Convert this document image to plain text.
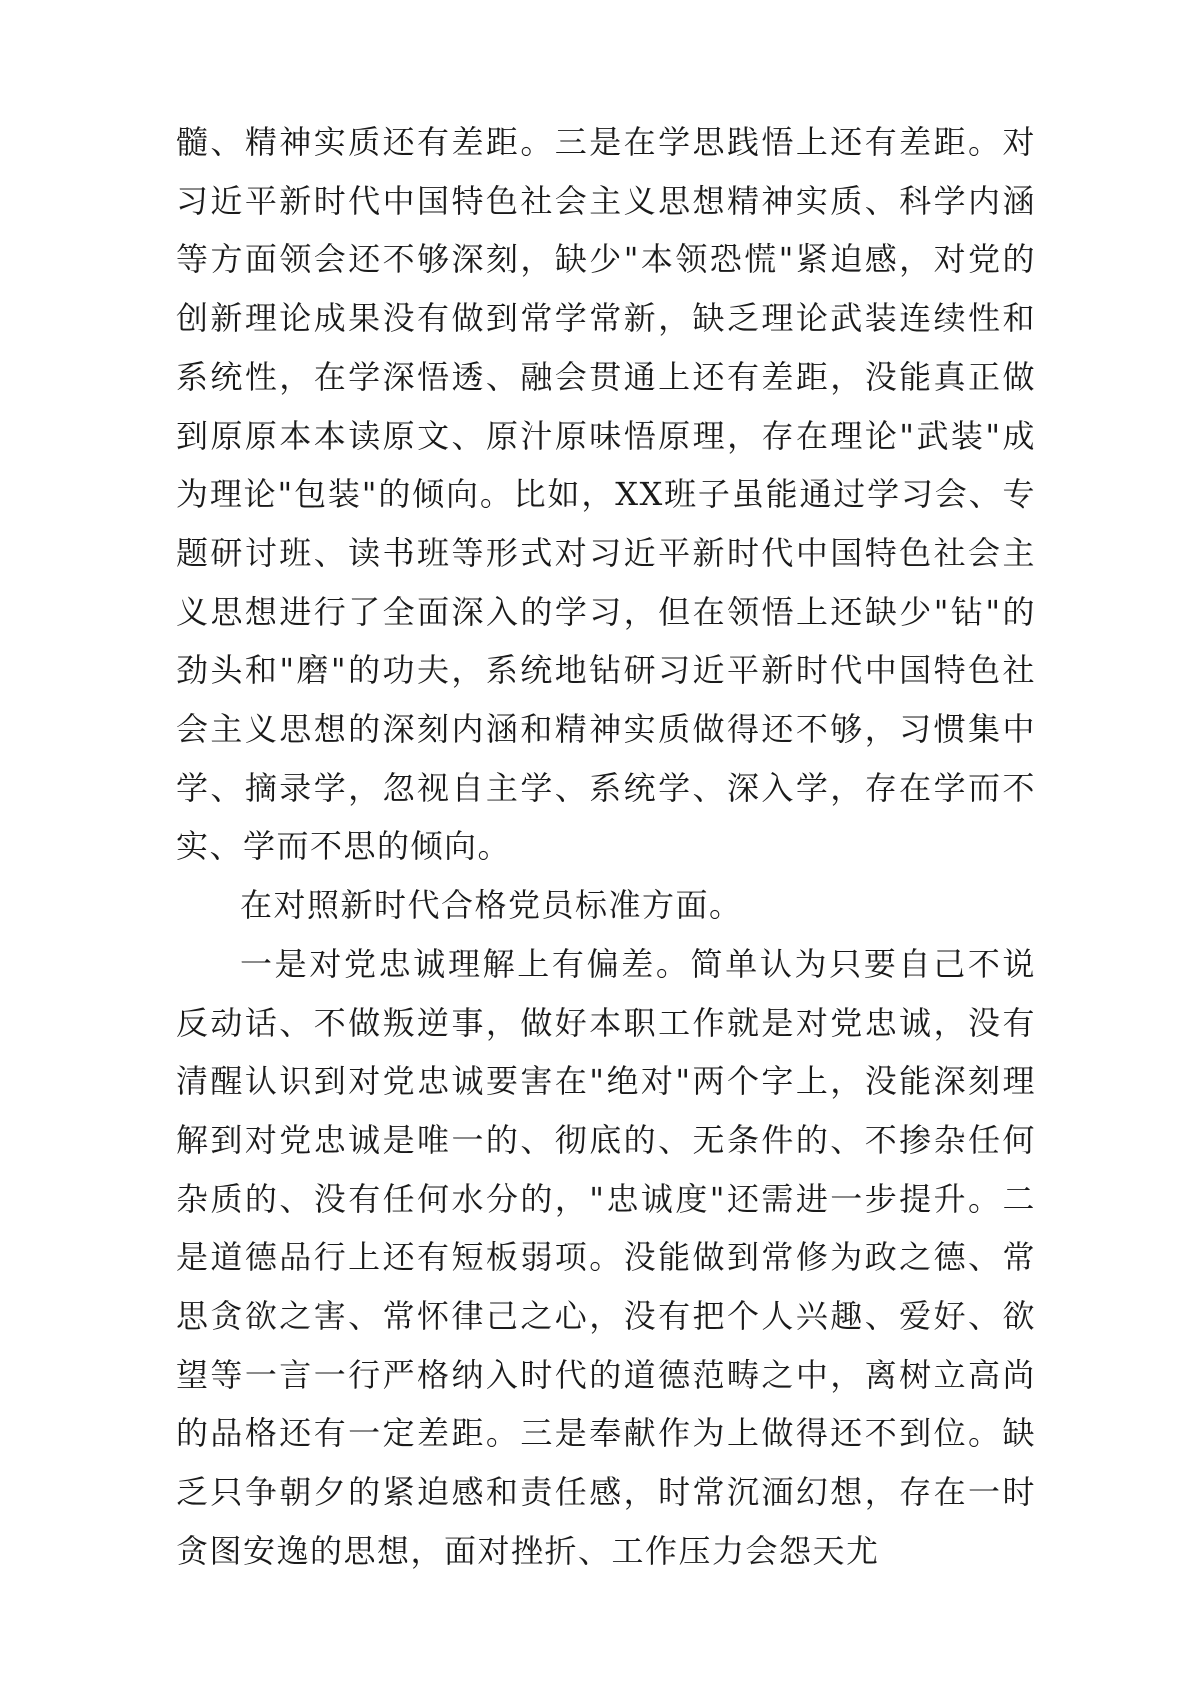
髓、精神实质还有差距。三是在学思践悟上还有差距。对习近平新时代中国特色社会主义思想精神实质、科学内涵等方面领会还不够深刻，缺少"本领恐慌"紧迫感，对党的创新理论成果没有做到常学常新，缺乏理论武装连续性和系统性，在学深悟透、融会贯通上还有差距，没能真正做到原原本本读原文、原汁原味悟原理，存在理论"武装"成为理论"包装"的倾向。比如，XX班子虽能通过学习会、专题研讨班、读书班等形式对习近平新时代中国特色社会主义思想进行了全面深入的学习，但在领悟上还缺少"钻"的劲头和"磨"的功夫，系统地钻研习近平新时代中国特色社会主义思想的深刻内涵和精神实质做得还不够，习惯集中学、摘录学，忽视自主学、系统学、深入学，存在学而不实、学而不思的倾向。

在对照新时代合格党员标准方面。

一是对党忠诚理解上有偏差。简单认为只要自己不说反动话、不做叛逆事，做好本职工作就是对党忠诚，没有清醒认识到对党忠诚要害在"绝对"两个字上，没能深刻理解到对党忠诚是唯一的、彻底的、无条件的、不掺杂任何杂质的、没有任何水分的，"忠诚度"还需进一步提升。二是道德品行上还有短板弱项。没能做到常修为政之德、常思贪欲之害、常怀律己之心，没有把个人兴趣、爱好、欲望等一言一行严格纳入时代的道德范畴之中，离树立高尚的品格还有一定差距。三是奉献作为上做得还不到位。缺乏只争朝夕的紧迫感和责任感，时常沉湎幻想，存在一时贪图安逸的思想，面对挫折、工作压力会怨天尤
